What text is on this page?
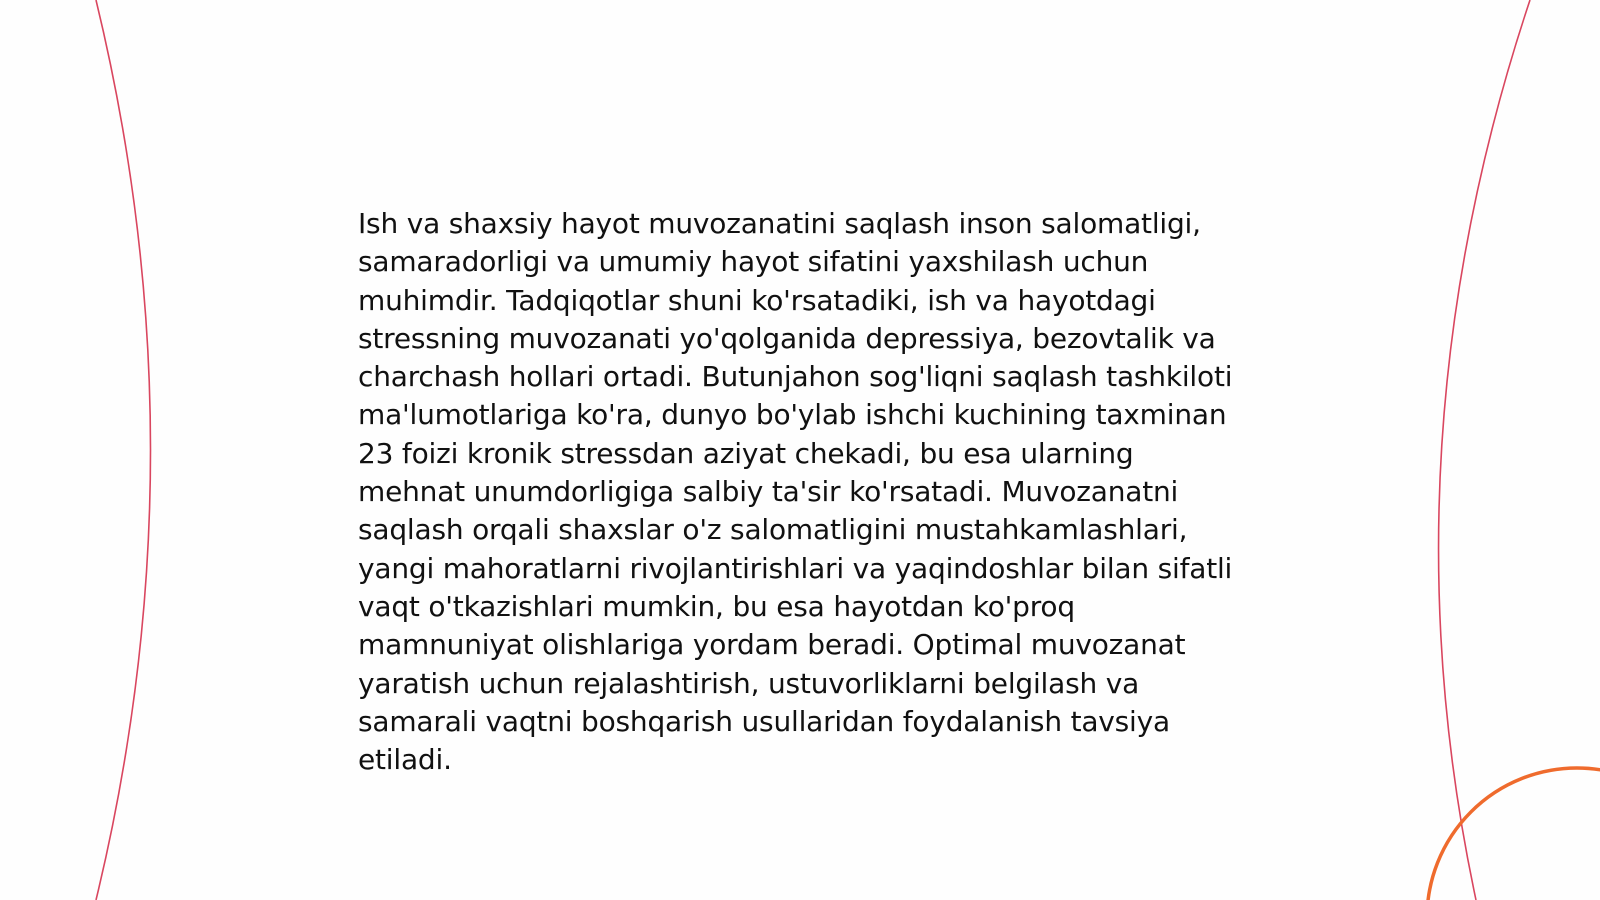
Ish va shaxsiy hayot muvozanatini saqlash inson salomatligi, samaradorligi va umumiy hayot sifatini yaxshilash uchun muhimdir. Tadqiqotlar shuni ko'rsatadiki, ish va hayotdagi stressning muvozanati yo'qolganida depressiya, bezovtalik va charchash hollari ortadi. Butunjahon sog'liqni saqlash tashkiloti ma'lumotlariga ko'ra, dunyo bo'ylab ishchi kuchining taxminan 23 foizi kronik stressdan aziyat chekadi, bu esa ularning mehnat unumdorligiga salbiy ta'sir ko'rsatadi. Muvozanatni saqlash orqali shaxslar o'z salomatligini mustahkamlashlari, yangi mahoratlarni rivojlantirishlari va yaqindoshlar bilan sifatli vaqt o'tkazishlari mumkin, bu esa hayotdan ko'proq mamnuniyat olishlariga yordam beradi. Optimal muvozanat yaratish uchun rejalashtirish, ustuvorliklarni belgilash va samarali vaqtni boshqarish usullaridan foydalanish tavsiya etiladi.
